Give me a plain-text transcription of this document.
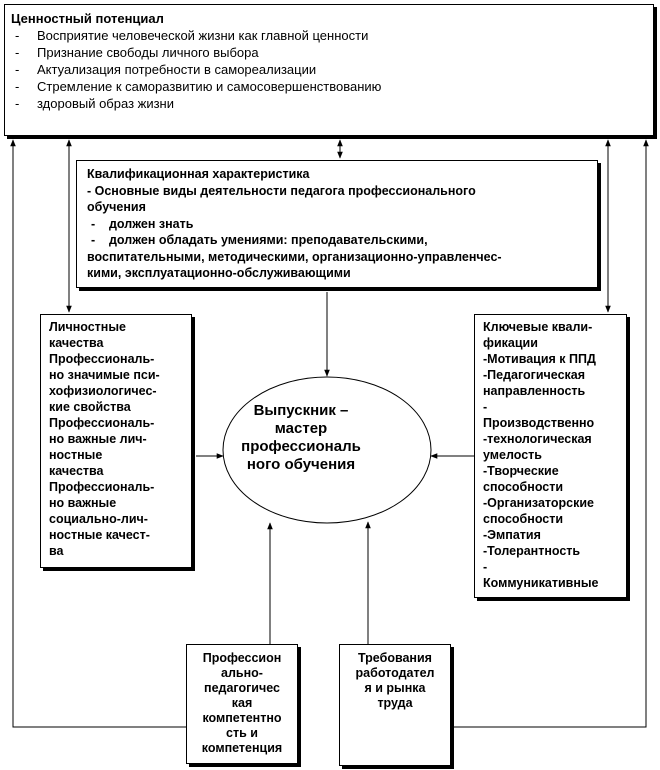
Ценностный потенциал
- Восприятие человеческой жизни как главной ценности
- Признание свободы личного выбора
- Актуализация потребности в самореализации
- Стремление к саморазвитию и самосовершенствованию
- здоровый образ жизни
Квалификационная характеристика
- Основные виды деятельности педагога профессионального
обучения
- должен знать
- должен обладать умениями: преподавательскими,
воспитательными, методическими, организационно-управленчес-
кими, эксплуатационно-обслуживающими
Личностные
качества
Профессиональ-
но значимые пси-
хофизиологичес-
кие свойства
Профессиональ-
но важные лич-
ностные
качества
Профессиональ-
но важные
социально-лич-
ностные качест-
ва
Ключевые квали-
фикации
-Мотивация к ППД
-Педагогическая
направленность
-
Производственно
-технологическая
умелость
-Творческие
способности
-Организаторские
способности
-Эмпатия
-Толерантность
-
Коммуникативные
Профессион
ально-
педагогичес
кая
компетентно
сть и
компетенция
Требования
работодател
я и рынка
труда
Выпускник –
мастер
профессиональ
ного обучения
